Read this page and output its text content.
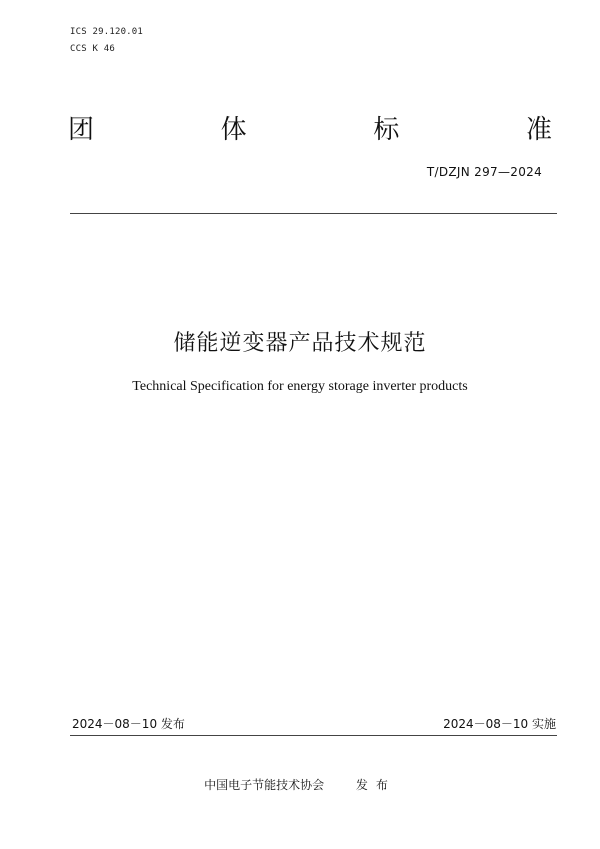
ICS 29.120.01
CCS K 46
团	体	标	准
T/DZJN 297—2024
储能逆变器产品技术规范
Technical Specification for energy storage inverter products
2024－08－10 发布	2024－08－10 实施
中国电子节能技术协会	发布
